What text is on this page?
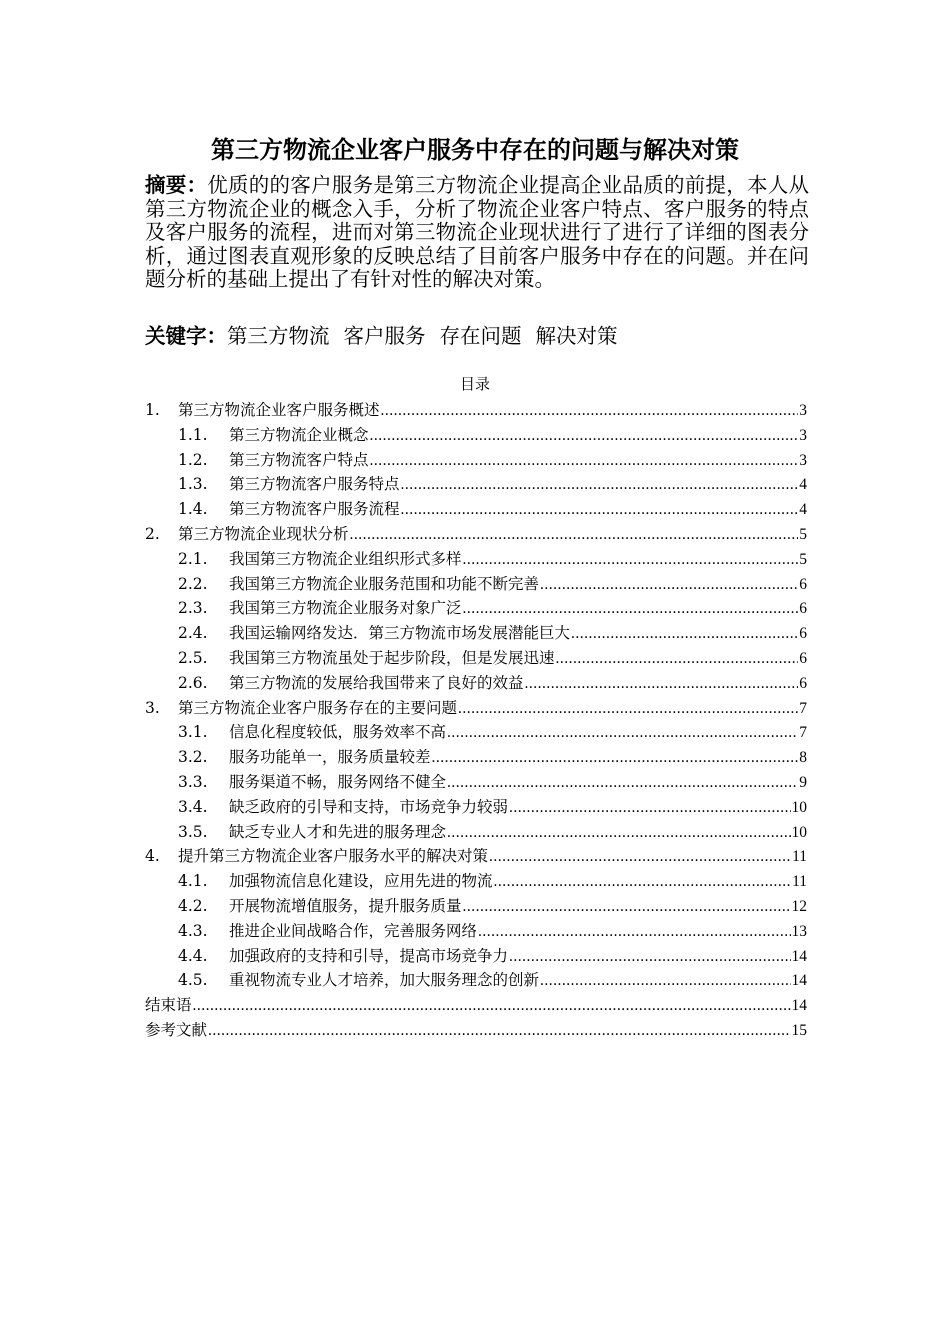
第三方物流企业客户服务中存在的问题与解决对策
摘要：优质的的客户服务是第三方物流企业提高企业品质的前提，本人从第三方物流企业的概念入手，分析了物流企业客户特点、客户服务的特点及客户服务的流程，进而对第三物流企业现状进行了进行了详细的图表分析，通过图表直观形象的反映总结了目前客户服务中存在的问题。并在问题分析的基础上提出了有针对性的解决对策。
关键字：第三方物流 客户服务 存在问题 解决对策
目录
1.	第三方物流企业客户服务概述 .....	3
1.1.	第三方物流企业概念 .....	3
1.2.	第三方物流客户特点 .....	3
1.3.	第三方物流客户服务特点 .....	4
1.4.	第三方物流客户服务流程 .....	4
2.	第三方物流企业现状分析 .....	5
2.1.	我国第三方物流企业组织形式多样 .....	5
2.2.	我国第三方物流企业服务范围和功能不断完善 .....	6
2.3.	我国第三方物流企业服务对象广泛 .....	6
2.4.	我国运输网络发达．第三方物流市场发展潜能巨大 .....	6
2.5.	我国第三方物流虽处于起步阶段，但是发展迅速 .....	6
2.6.	第三方物流的发展给我国带来了良好的效益 .....	6
3.	第三方物流企业客户服务存在的主要问题 .....	7
3.1.	信息化程度较低，服务效率不高 .....	7
3.2.	服务功能单一，服务质量较差 .....	8
3.3.	服务渠道不畅，服务网络不健全 .....	9
3.4.	缺乏政府的引导和支持，市场竞争力较弱 .....	10
3.5.	缺乏专业人才和先进的服务理念 .....	10
4.	提升第三方物流企业客户服务水平的解决对策 .....	11
4.1.	加强物流信息化建设，应用先进的物流 .....	11
4.2.	开展物流增值服务，提升服务质量 .....	12
4.3.	推进企业间战略合作，完善服务网络 .....	13
4.4.	加强政府的支持和引导，提高市场竞争力 .....	14
4.5.	重视物流专业人才培养，加大服务理念的创新 .....	14
结束语 .....	14
参考文献 .....	15
